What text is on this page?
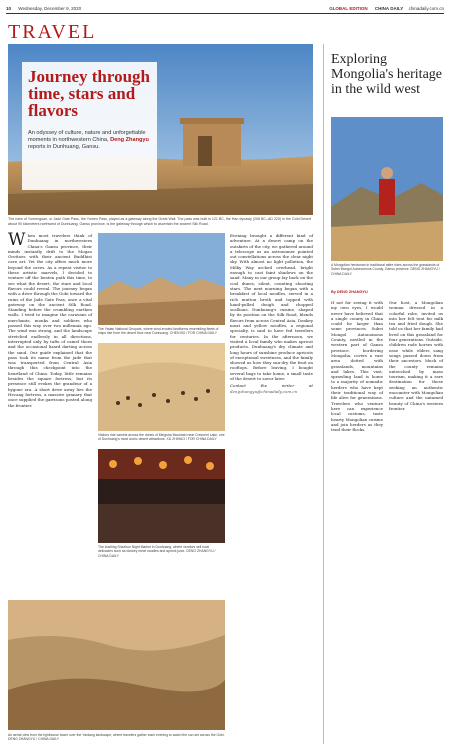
10 Wednesday, December 9, 2020	GLOBAL EDITION CHINA DAILY chinadaily.com.cn
TRAVEL
Journey through time, stars and flavors
An odyssey of culture, nature and unforgettable moments in northwestern China, Deng Zhangyu reports in Dunhuang, Gansu.
The ruins of Yumenguan, or Jade Gate Pass, the Yumen Pass, played as a gateway along the Great Wall. The pass was built in 121 BC, the Han dynasty (206 BC–AD 220) in the Gobi Desert about 90 kilometers northwest of Dunhuang, Gansu province, is the gateway through which to ascertain the ancient Silk Road.
W hen most travelers think of Dunhuang in northwestern China's Gansu province, their minds instantly drift to the Mogao Grottoes with their ancient Buddhist cave art. Yet the city offers much more beyond the caves. As a repeat visitor to these artistic marvels, I decided to venture off the beaten path this time, to see what the desert, the stars and local flavors could reveal. The journey began with a drive through the Gobi toward the ruins of the Jade Gate Pass, once a vital gateway on the ancient Silk Road. Standing before the crumbling earthen walls, I tried to imagine the caravans of merchants, monks and soldiers who passed this way over two millennia ago. The wind was strong, and the landscape stretched endlessly in all directions, interrupted only by tufts of camel thorn and the occasional lizard darting across the sand. Our guide explained that the pass took its name from the jade that was transported from Central Asia through this checkpoint into the heartland of China. Today, little remains besides the square fortress, but its presence still evokes the grandeur of a bygone era. A short drive away lies the Hecang fortress, a massive granary that once supplied the garrisons posted along the frontier.
The Yadan National Geopark, where wind-eroded landforms resembling fleets of ships rise from the desert floor near Dunhuang. CHEN BO / FOR CHINA DAILY
Visitors ride camels across the dunes of Mingsha Mountain near Crescent Lake, one of Dunhuang's most iconic desert attractions. XU ZHIHAO / FOR CHINA DAILY
The bustling Shazhou Night Market in Dunhuang, where vendors sell local delicacies such as donkey meat noodles and apricot juice. DENG ZHANGYU / CHINA DAILY
An aerial view from the lighthouse tower over the Yardang landscape, where travelers gather each evening to watch the sun set across the Gobi. DENG ZHANGYU / CHINA DAILY
Evening brought a different kind of adventure. At a desert camp on the outskirts of the city, we gathered around a telescope as an astronomer pointed out constellations across the clear night sky. With almost no light pollution, the Milky Way arched overhead, bright enough to cast faint shadows on the sand. Many in our group lay back on the cool dunes, silent, counting shooting stars. The next morning began with a breakfast of local noodles, served in a rich mutton broth and topped with hand-pulled dough and chopped scallions. Dunhuang's cuisine, shaped by its position on the Silk Road, blends flavors from across Central Asia. Donkey meat and yellow noodles, a regional specialty, is said to have fed travelers for centuries. In the afternoon, we visited a local family who makes apricot products. Dunhuang's dry climate and long hours of sunshine produce apricots of exceptional sweetness, and the family showed us how they sun-dry the fruit on rooftops. Before leaving, I bought several bags to take home, a small taste of the desert to savor later.
Contact the writer at dengzhangyu@chinadaily.com.cn
Exploring Mongolia's heritage in the wild west
A Mongolian herdsman in traditional attire rides across the grasslands of Subei Mongol Autonomous County, Gansu province. DENG ZHANGYU / CHINA DAILY
By DENG ZHANGYU
If not for seeing it with my own eyes, I would never have believed that a single county in China could be larger than some provinces. Subei Mongol Autonomous County, nestled in the western part of Gansu province, bordering Mongolia, covers a vast area dotted with grasslands, mountains and lakes. This vast, sprawling land is home to a majority of nomadic herders who have kept their traditional way of life alive for generations. Travelers who venture here can experience local customs, taste hearty Mongolian cuisine and join herders as they tend their flocks.
Our host, a Mongolian woman dressed in a colorful robe, invited us into her felt tent for milk tea and fried dough. She told us that her family had lived on this grassland for four generations. Outside, children rode horses with ease while elders sang songs passed down from their ancestors. Much of the county remains untouched by mass tourism, making it a rare destination for those seeking an authentic encounter with Mongolian culture and the untamed beauty of China's western frontier.
